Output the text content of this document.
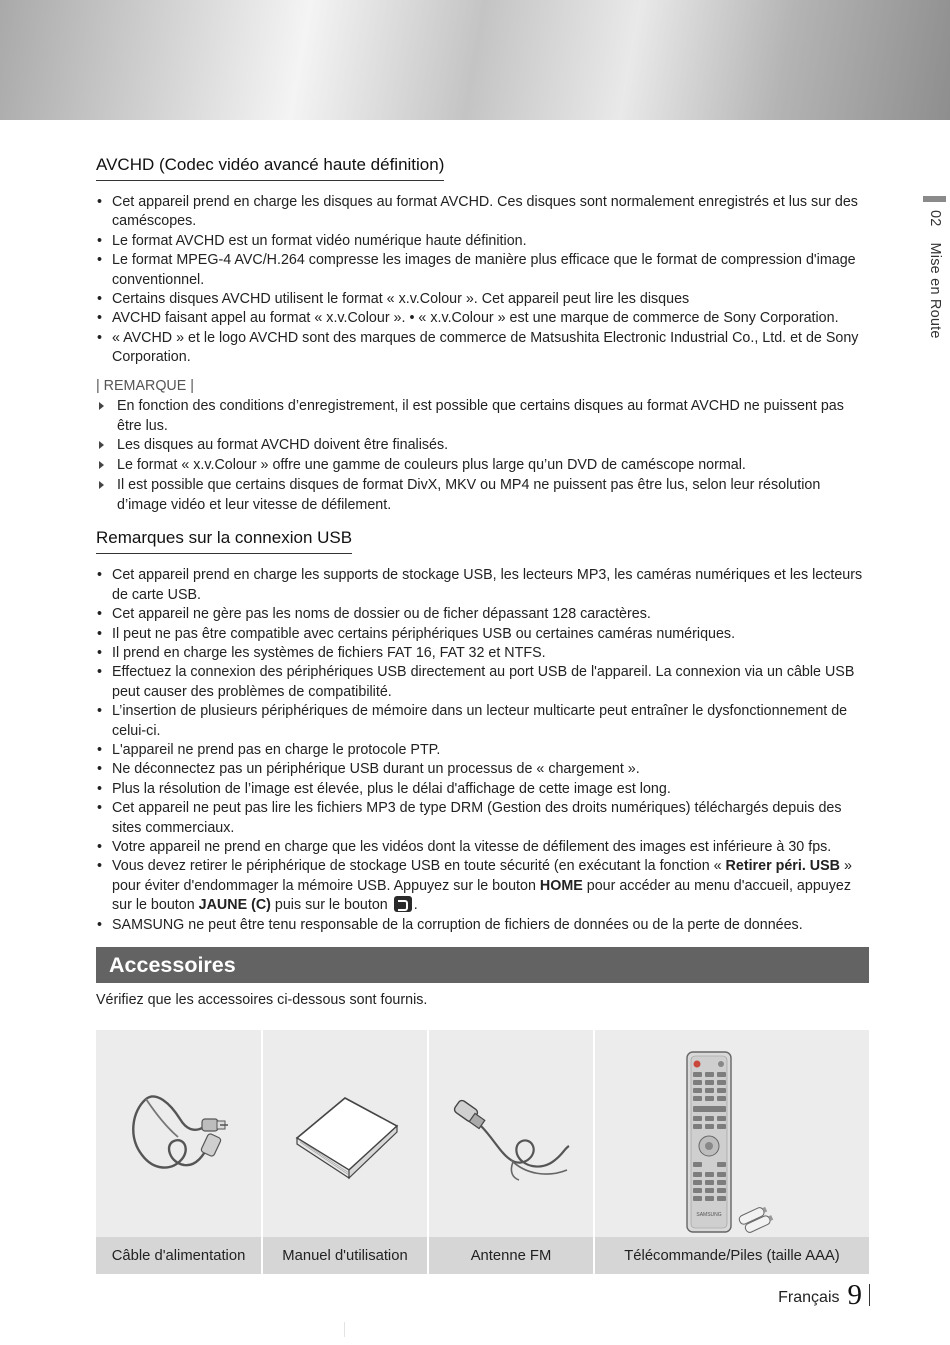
02Mise en Route
AVCHD (Codec vidéo avancé haute définition)
• Cet appareil prend en charge les disques au format AVCHD. Ces disques sont normalement enregistrés et lus sur des caméscopes.
• Le format AVCHD est un format vidéo numérique haute définition.
• Le format MPEG-4 AVC/H.264 compresse les images de manière plus efficace que le format de compression d'image conventionnel.
• Certains disques AVCHD utilisent le format « x.v.Colour ». Cet appareil peut lire les disques
• AVCHD faisant appel au format « x.v.Colour ». • « x.v.Colour » est une marque de commerce de Sony Corporation.
• « AVCHD » et le logo AVCHD sont des marques de commerce de Matsushita Electronic Industrial Co., Ltd. et de Sony Corporation.
| REMARQUE |
En fonction des conditions d’enregistrement, il est possible que certains disques au format AVCHD ne puissent pas être lus.
Les disques au format AVCHD doivent être finalisés.
Le format « x.v.Colour » offre une gamme de couleurs plus large qu’un DVD de caméscope normal.
Il est possible que certains disques de format DivX, MKV ou MP4 ne puissent pas être lus, selon leur résolution d’image vidéo et leur vitesse de défilement.
Remarques sur la connexion USB
• Cet appareil prend en charge les supports de stockage USB, les lecteurs MP3, les caméras numériques et les lecteurs de carte USB.
• Cet appareil ne gère pas les noms de dossier ou de ficher dépassant 128 caractères.
• Il peut ne pas être compatible avec certains périphériques USB ou certaines caméras numériques.
• Il prend en charge les systèmes de fichiers FAT 16, FAT 32 et NTFS.
• Effectuez la connexion des périphériques USB directement au port USB de l'appareil. La connexion via un câble USB peut causer des problèmes de compatibilité.
• L’insertion de plusieurs périphériques de mémoire dans un lecteur multicarte peut entraîner le dysfonctionnement de celui-ci.
• L'appareil ne prend pas en charge le protocole PTP.
• Ne déconnectez pas un périphérique USB durant un processus de « chargement ».
• Plus la résolution de l’image est élevée, plus le délai d'affichage de cette image est long.
• Cet appareil ne peut pas lire les fichiers MP3 de type DRM (Gestion des droits numériques) téléchargés depuis des sites commerciaux.
• Votre appareil ne prend en charge que les vidéos dont la vitesse de défilement des images est inférieure à 30 fps.
• Vous devez retirer le périphérique de stockage USB en toute sécurité (en exécutant la fonction « Retirer péri. USB » pour éviter d'endommager la mémoire USB. Appuyez sur le bouton HOME pour accéder au menu d'accueil, appuyez sur le bouton JAUNE (C) puis sur le bouton .
• SAMSUNG ne peut être tenu responsable de la corruption de fichiers de données ou de la perte de données.
Accessoires
Vérifiez que les accessoires ci-dessous sont fournis.
Câble d'alimentation	Manuel d'utilisation	Antenne FM
SAMSUNG
Télécommande/Piles (taille AAA)
Français 9
